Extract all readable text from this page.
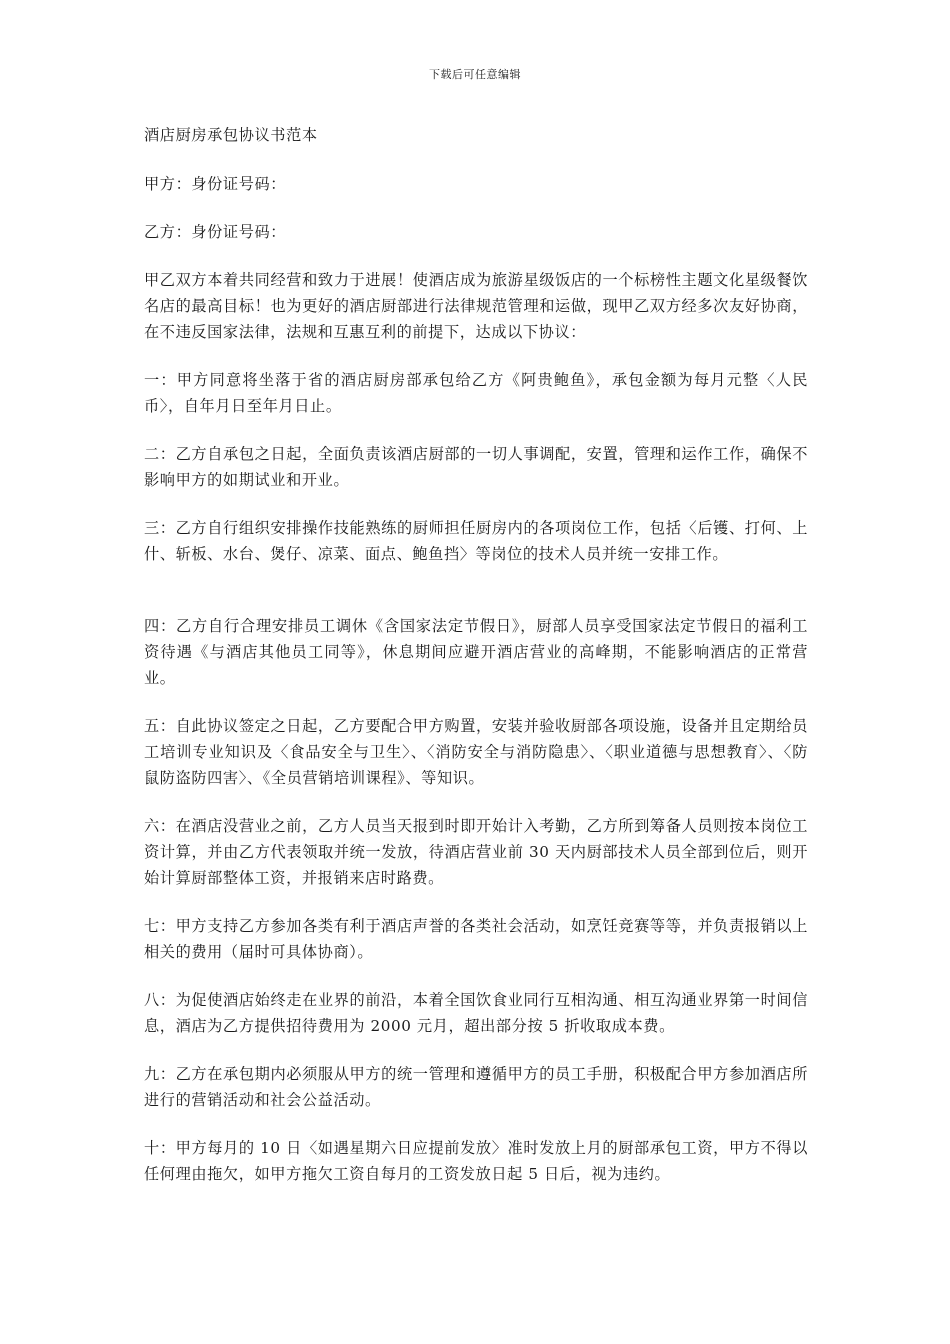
下载后可任意编辑

酒店厨房承包协议书范本

甲方：身份证号码：

乙方：身份证号码：

甲乙双方本着共同经营和致力于进展！使酒店成为旅游星级饭店的一个标榜性主题文化星级餐饮名店的最高目标！也为更好的酒店厨部进行法律规范管理和运做，现甲乙双方经多次友好协商，在不违反国家法律，法规和互惠互利的前提下，达成以下协议：

一：甲方同意将坐落于省的酒店厨房部承包给乙方《阿贵鲍鱼》，承包金额为每月元整〈人民币〉，自年月日至年月日止。

二：乙方自承包之日起，全面负责该酒店厨部的一切人事调配，安置，管理和运作工作，确保不影响甲方的如期试业和开业。

三：乙方自行组织安排操作技能熟练的厨师担任厨房内的各项岗位工作，包括〈后镬、打何、上什、斩板、水台、煲仔、凉菜、面点、鲍鱼挡〉等岗位的技术人员并统一安排工作。

四：乙方自行合理安排员工调休《含国家法定节假日》，厨部人员享受国家法定节假日的福利工资待遇《与酒店其他员工同等》，休息期间应避开酒店营业的高峰期，不能影响酒店的正常营业。

五：自此协议签定之日起，乙方要配合甲方购置，安装并验收厨部各项设施，设备并且定期给员工培训专业知识及〈食品安全与卫生〉、〈消防安全与消防隐患〉、〈职业道德与思想教育〉、〈防鼠防盗防四害〉、《全员营销培训课程》、等知识。

六：在酒店没营业之前，乙方人员当天报到时即开始计入考勤，乙方所到筹备人员则按本岗位工资计算，并由乙方代表领取并统一发放，待酒店营业前 30 天内厨部技术人员全部到位后，则开始计算厨部整体工资，并报销来店时路费。

七：甲方支持乙方参加各类有利于酒店声誉的各类社会活动，如烹饪竞赛等等，并负责报销以上相关的费用（届时可具体协商）。

八：为促使酒店始终走在业界的前沿，本着全国饮食业同行互相沟通、相互沟通业界第一时间信息，酒店为乙方提供招待费用为 2000 元月，超出部分按 5 折收取成本费。

九：乙方在承包期内必须服从甲方的统一管理和遵循甲方的员工手册，积极配合甲方参加酒店所进行的营销活动和社会公益活动。

十：甲方每月的 10 日〈如遇星期六日应提前发放〉准时发放上月的厨部承包工资，甲方不得以任何理由拖欠，如甲方拖欠工资自每月的工资发放日起 5 日后，视为违约。
